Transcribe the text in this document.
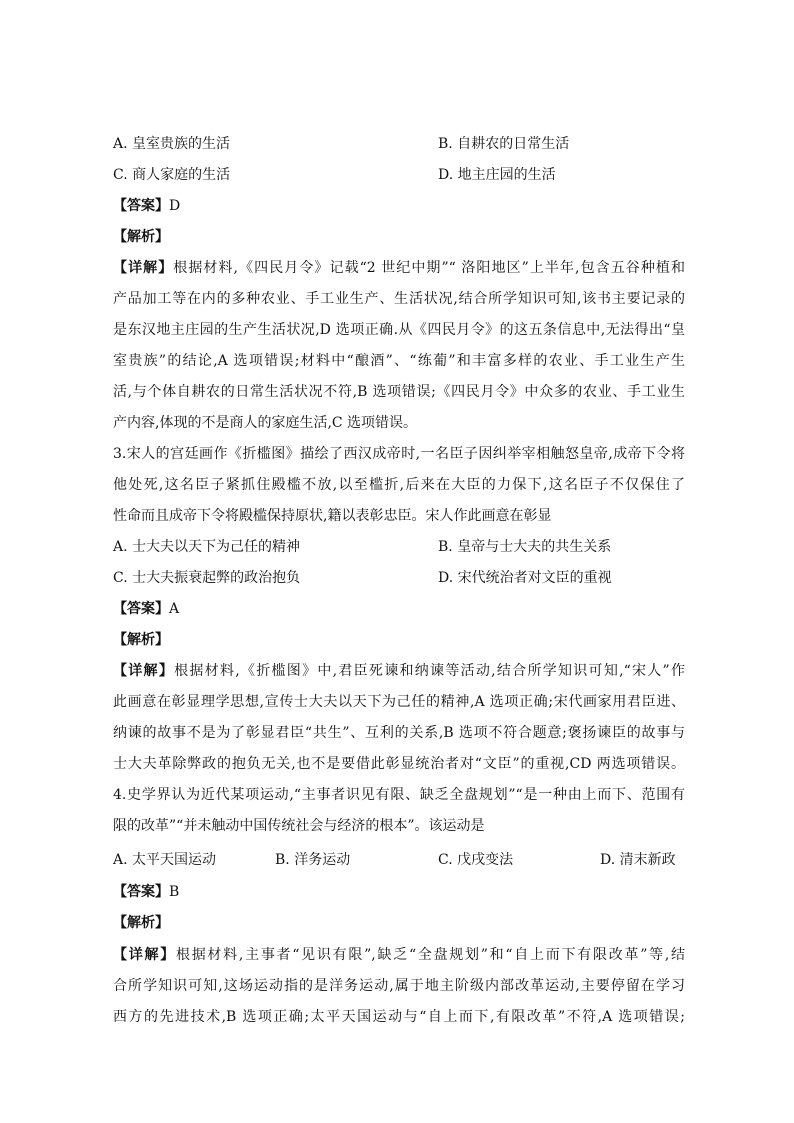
A. 皇室贵族的生活	B. 自耕农的日常生活
C. 商人家庭的生活	D. 地主庄园的生活
【答案】D
【解析】
【详解】根据材料,《四民月令》记载“2 世纪中期”“ 洛阳地区”上半年,包含五谷种植和
产品加工等在内的多种农业、手工业生产、生活状况,结合所学知识可知,该书主要记录的
是东汉地主庄园的生产生活状况,D 选项正确.从《四民月令》的这五条信息中,无法得出“皇
室贵族”的结论,A 选项错误;材料中“酿酒”、“练葡”和丰富多样的农业、手工业生产生
活,与个体自耕农的日常生活状况不符,B 选项错误;《四民月令》中众多的农业、手工业生
产内容,体现的不是商人的家庭生活,C 选项错误。
3.宋人的宫廷画作《折槛图》描绘了西汉成帝时,一名臣子因纠举宰相触怒皇帝,成帝下令将
他处死,这名臣子紧抓住殿槛不放,以至槛折,后来在大臣的力保下,这名臣子不仅保住了
性命而且成帝下令将殿槛保持原状,籍以表彰忠臣。宋人作此画意在彰显
A. 士大夫以天下为己任的精神	B. 皇帝与士大夫的共生关系
C. 士大夫振衰起弊的政治抱负	D. 宋代统治者对文臣的重视
【答案】A
【解析】
【详解】根据材料,《折槛图》中,君臣死谏和纳谏等活动,结合所学知识可知,“宋人”作
此画意在彰显理学思想,宣传士大夫以天下为己任的精神,A 选项正确;宋代画家用君臣进、
纳谏的故事不是为了彰显君臣“共生”、互利的关系,B 选项不符合题意;褒扬谏臣的故事与
士大夫革除弊政的抱负无关,也不是要借此彰显统治者对“文臣”的重视,CD 两选项错误。
4.史学界认为近代某项运动,“主事者识见有限、缺乏全盘规划”“是一种由上而下、范围有
限的改革”“并未触动中国传统社会与经济的根本”。该运动是
A. 太平天国运动	B. 洋务运动	C. 戊戌变法	D. 清末新政
【答案】B
【解析】
【详解】根据材料,主事者“见识有限”,缺乏“全盘规划”和“自上而下有限改革”等,结
合所学知识可知,这场运动指的是洋务运动,属于地主阶级内部改革运动,主要停留在学习
西方的先进技术,B 选项正确;太平天国运动与“自上而下,有限改革”不符,A 选项错误;
